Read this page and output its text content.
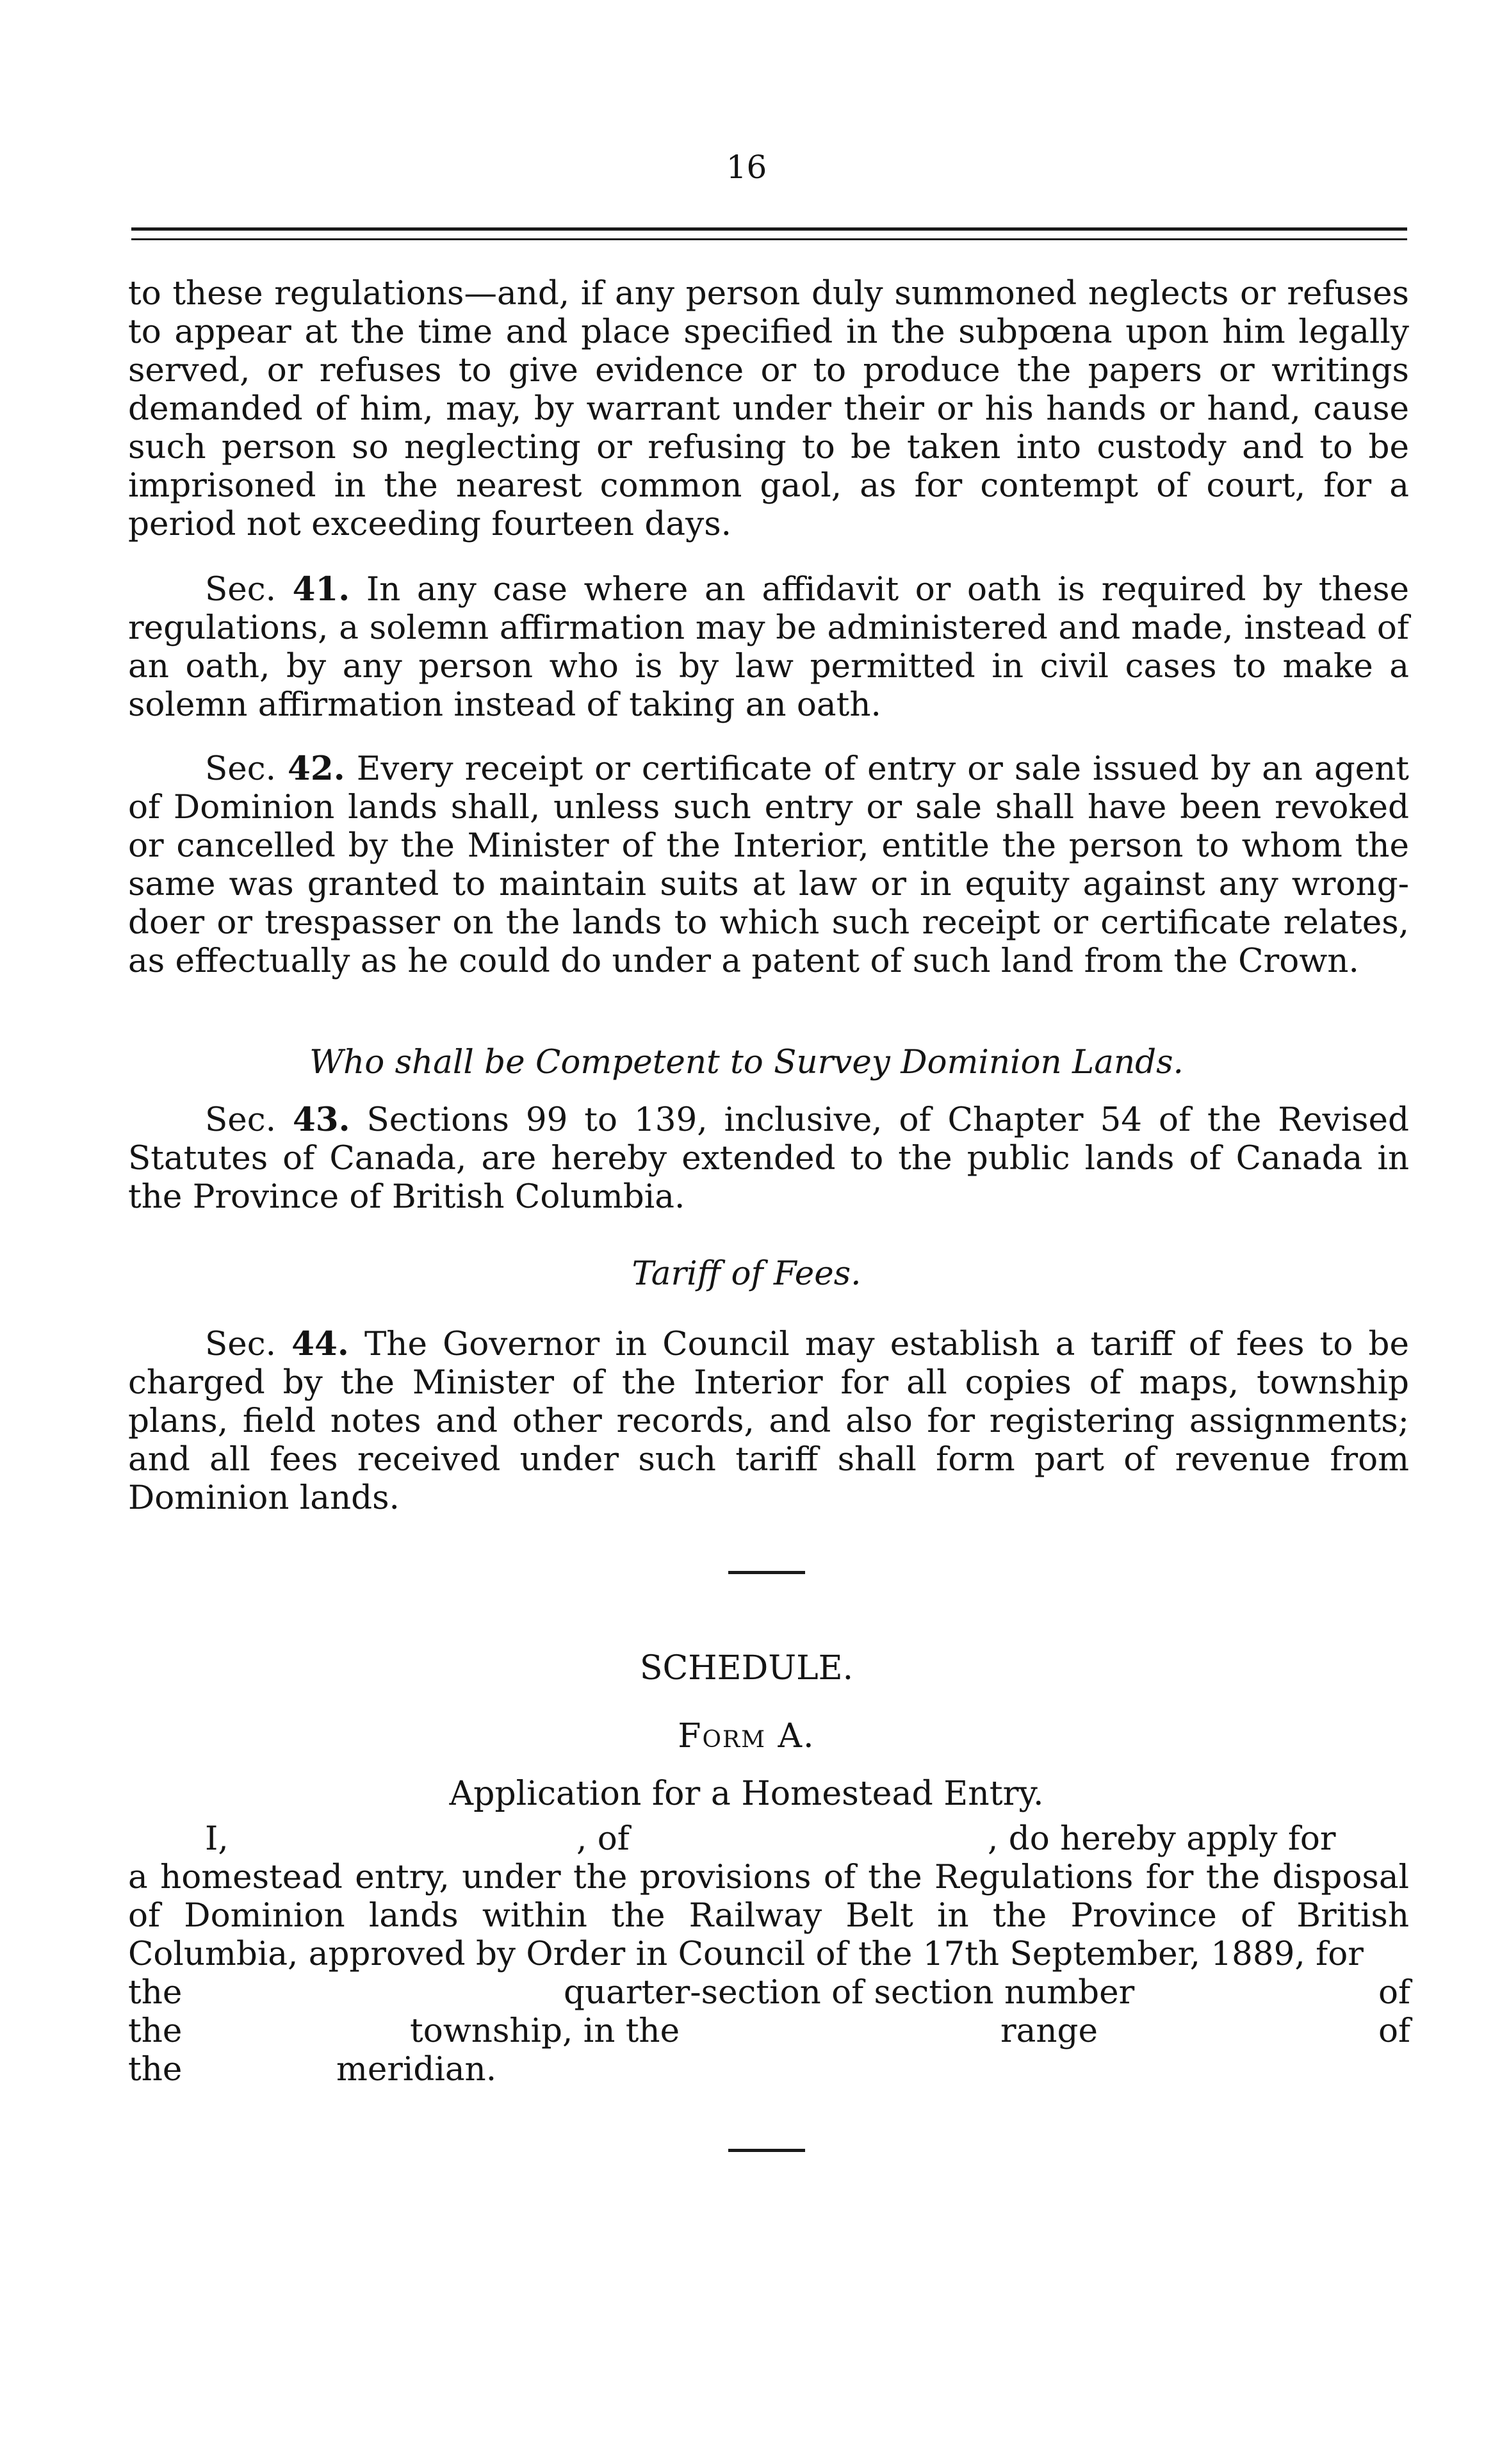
16

to these regulations—and, if any person duly summoned neglects or refuses to appear at the time and place specified in the subpœna upon him legally served, or refuses to give evidence or to produce the papers or writings demanded of him, may, by warrant under their or his hands or hand, cause such person so neglecting or refusing to be taken into custody and to be imprisoned in the nearest common gaol, as for contempt of court, for a period not exceeding fourteen days.

Sec. 41. In any case where an affidavit or oath is required by these regulations, a solemn affirmation may be administered and made, instead of an oath, by any person who is by law permitted in civil cases to make a solemn affirmation instead of taking an oath.

Sec. 42. Every receipt or certificate of entry or sale issued by an agent of Dominion lands shall, unless such entry or sale shall have been revoked or cancelled by the Minister of the Interior, entitle the person to whom the same was granted to maintain suits at law or in equity against any wrong-doer or trespasser on the lands to which such receipt or certificate relates, as effectually as he could do under a patent of such land from the Crown.

Who shall be Competent to Survey Dominion Lands.

Sec. 43. Sections 99 to 139, inclusive, of Chapter 54 of the Revised Statutes of Canada, are hereby extended to the public lands of Canada in the Province of British Columbia.

Tariff of Fees.

Sec. 44. The Governor in Council may establish a tariff of fees to be charged by the Minister of the Interior for all copies of maps, township plans, field notes and other records, and also for registering assignments; and all fees received under such tariff shall form part of revenue from Dominion lands.

SCHEDULE.
Form A.
Application for a Homestead Entry.
I,	, of	, do hereby apply for

a homestead entry, under the provisions of the Regulations for the disposal of Dominion lands within the Railway Belt in the Province of British Columbia, approved by Order in Council of the 17th September, 1889, for

the	quarter-section of section number	of
the	township, in the	range	of
the	meridian.
